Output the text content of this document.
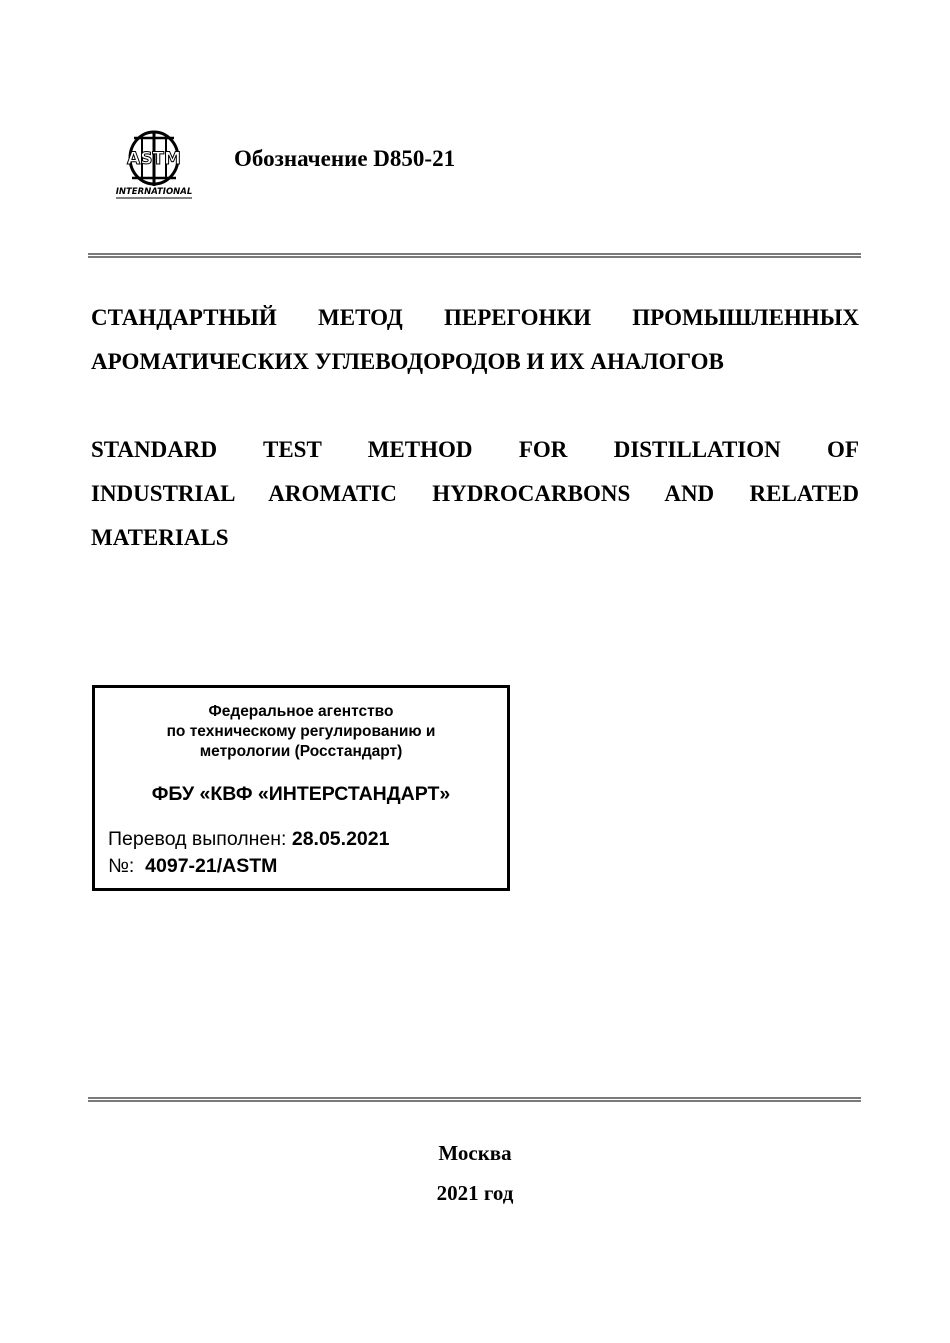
ASTM
INTERNATIONAL
Обозначение D850-21
СТАНДАРТНЫЙ МЕТОД ПЕРЕГОНКИ ПРОМЫШЛЕННЫХ
АРОМАТИЧЕСКИХ УГЛЕВОДОРОДОВ И ИХ АНАЛОГОВ
STANDARD TEST METHOD FOR DISTILLATION OF
INDUSTRIAL AROMATIC HYDROCARBONS AND RELATED
MATERIALS
Федеральное агентство
по техническому регулированию и
метрологии (Росстандарт)
ФБУ «КВФ «ИНТЕРСТАНДАРТ»
Перевод выполнен: 28.05.2021
№:  4097-21/ASTM
Москва
2021 год
